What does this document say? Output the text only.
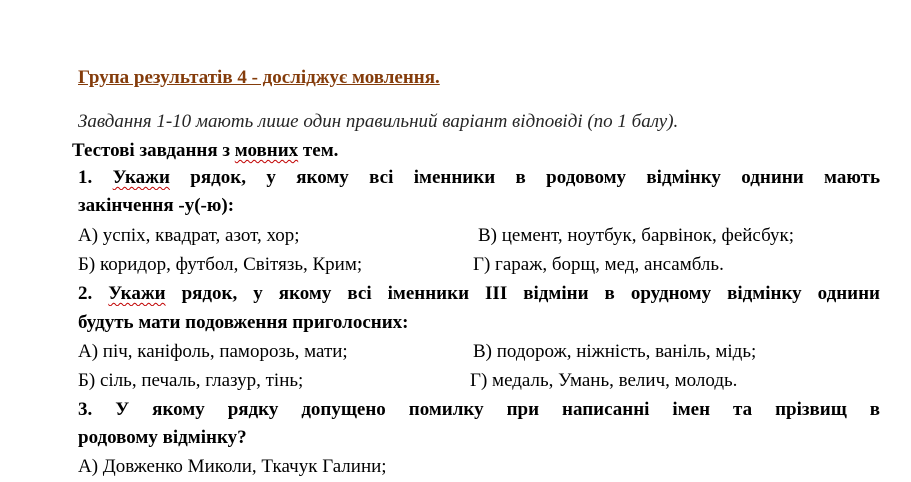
Група результатів 4 - досліджує мовлення.
Завдання 1-10 мають лише один правильний варіант відповіді (по 1 балу).
Тестові завдання з мовних тем.
1. Укажи рядок, у якому всі іменники в родовому відмінку однини мають
закінчення -у(-ю):
А) успіх, квадрат, азот, хор;	В) цемент, ноутбук, барвінок, фейсбук;
Б) коридор, футбол, Світязь, Крим;	Г) гараж, борщ, мед, ансамбль.
2. Укажи рядок, у якому всі іменники ІІІ відміни в орудному відмінку однини
будуть мати подовження приголосних:
А) піч, каніфоль, паморозь, мати;	В) подорож, ніжність, ваніль, мідь;
Б) сіль, печаль, глазур, тінь;	Г) медаль, Умань, велич, молодь.
3. У якому рядку допущено помилку при написанні імен та прізвищ в
родовому відмінку?
А) Довженко Миколи, Ткачук Галини;
